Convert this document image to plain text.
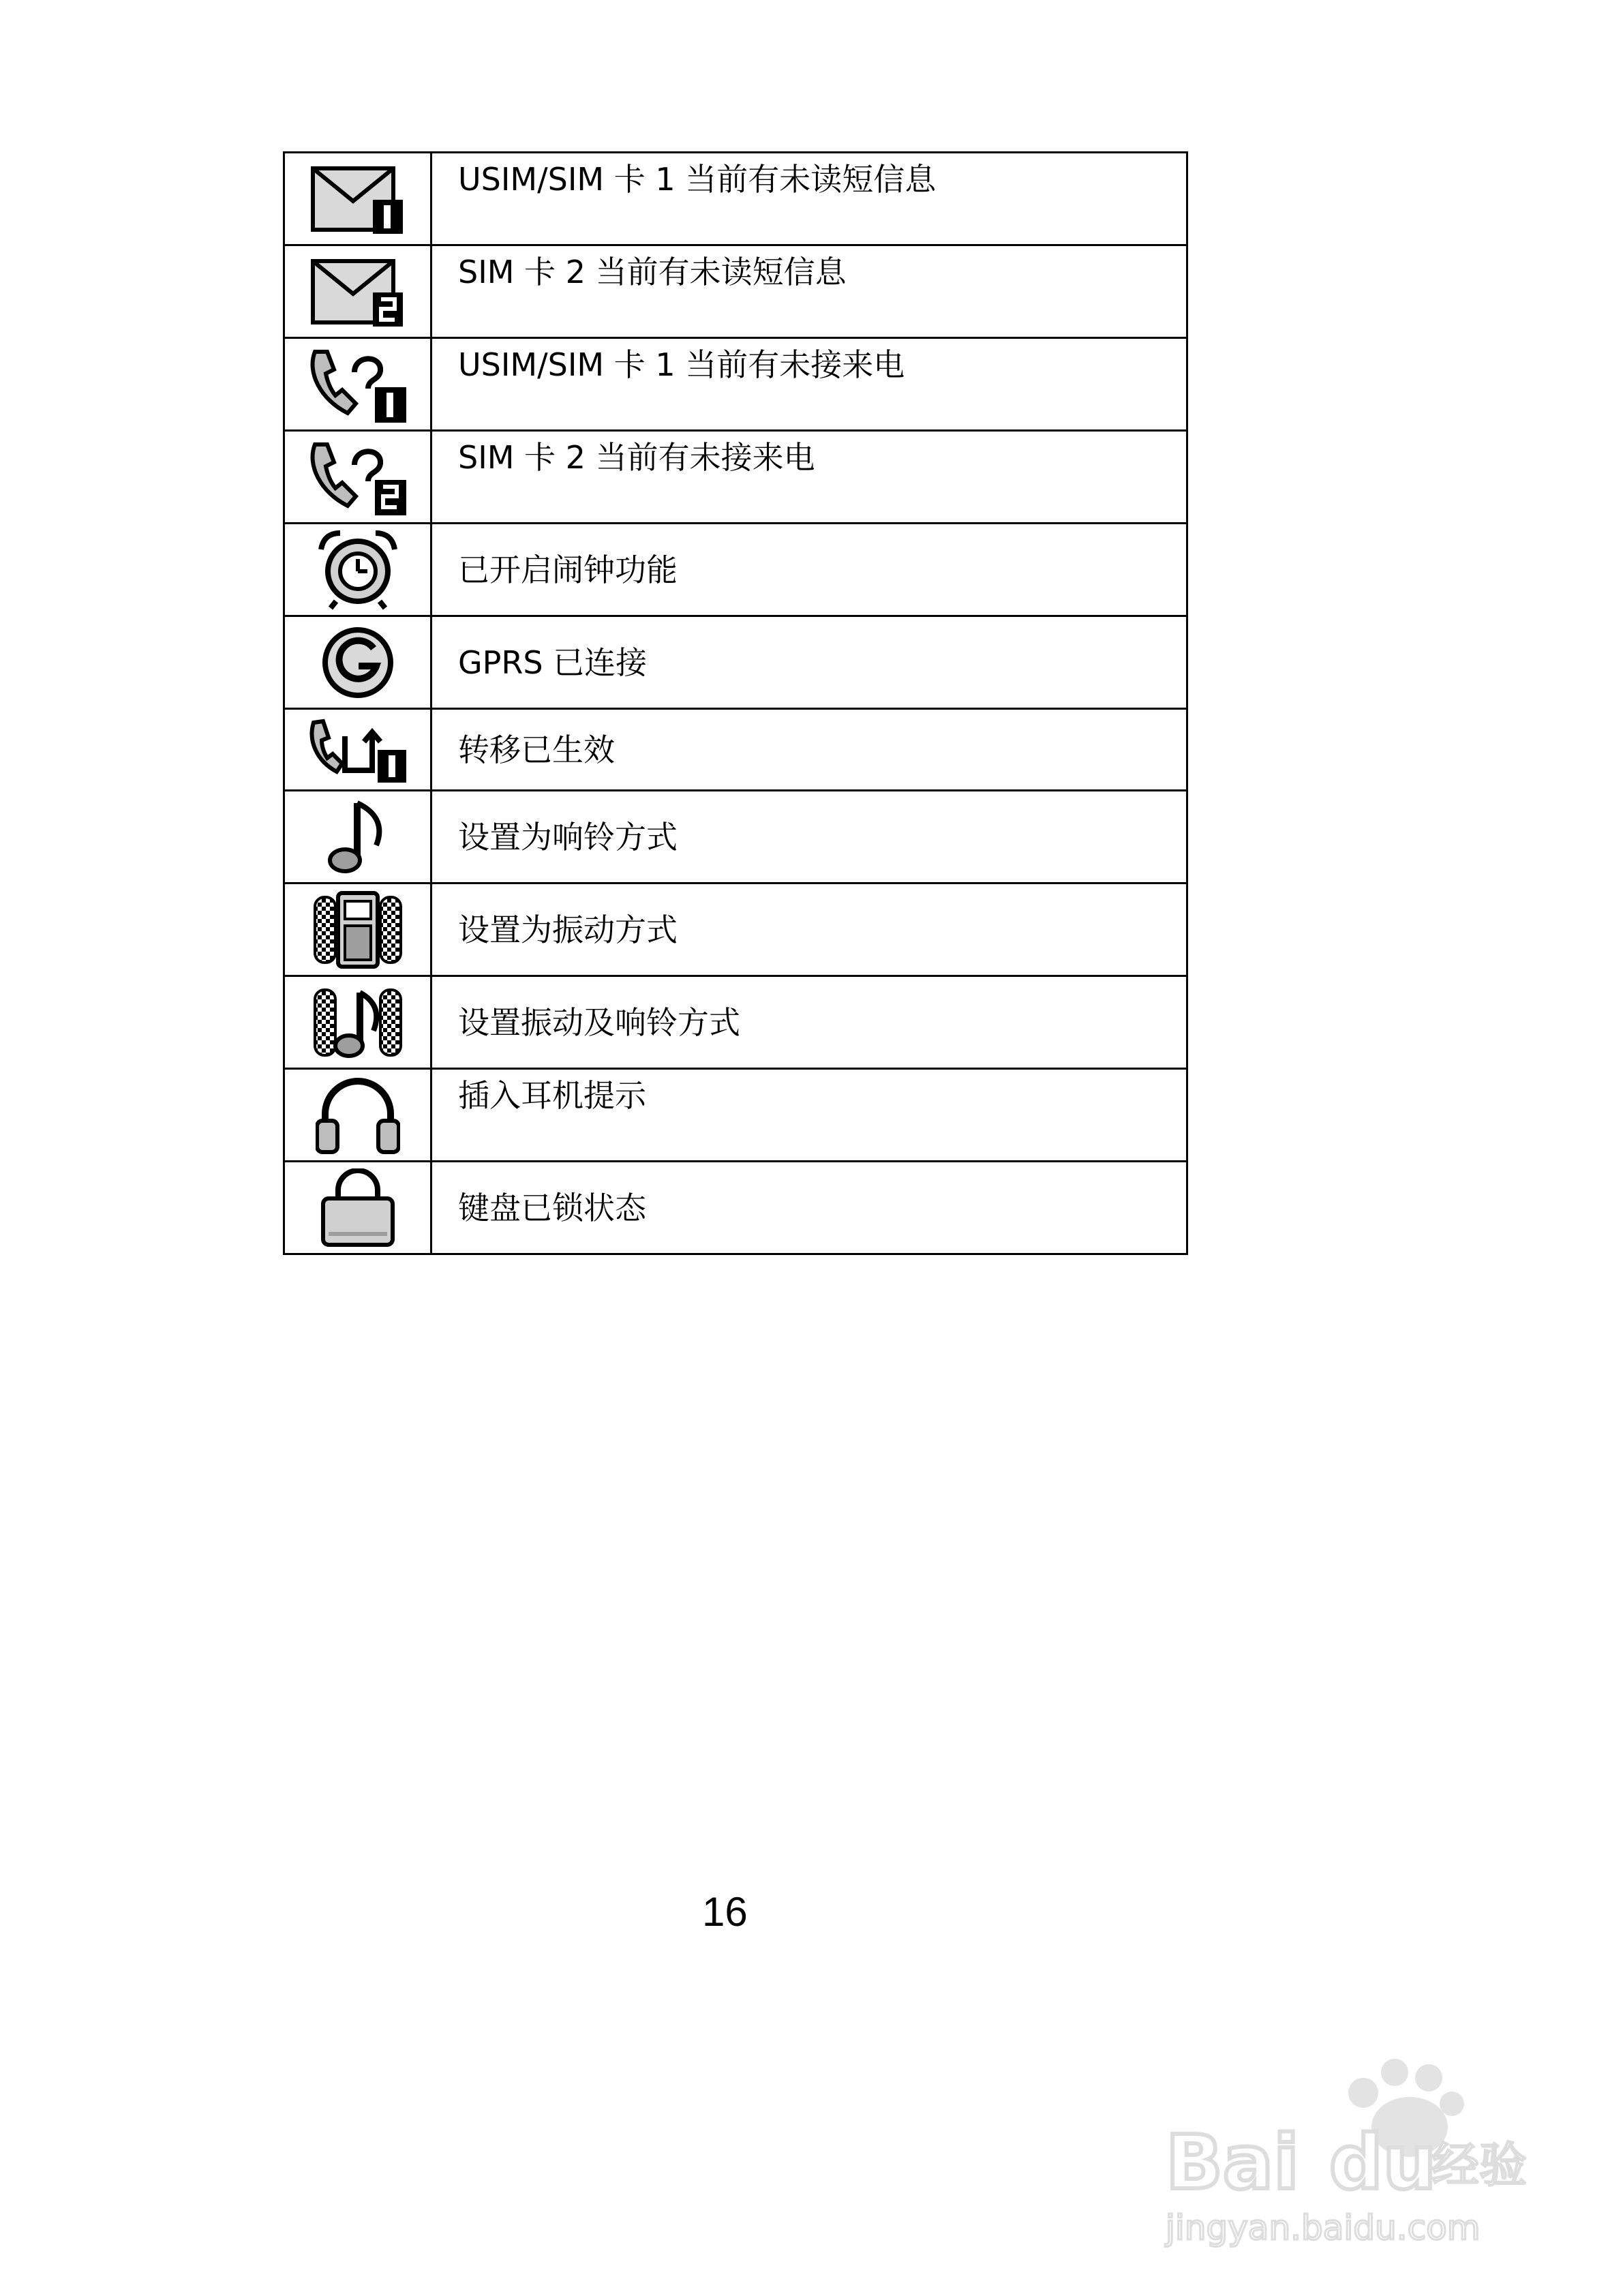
	USIM/SIM 卡 1 当前有未读短信息

	SIM 卡 2 当前有未读短信息

	USIM/SIM 卡 1 当前有未接来电

	SIM 卡 2 当前有未接来电

	已开启闹钟功能

	GPRS 已连接

	转移已生效

	设置为响铃方式

	设置为振动方式

	设置振动及响铃方式

	插入耳机提示

	键盘已锁状态
16
Bai du
经验
jingyan.baidu.com
